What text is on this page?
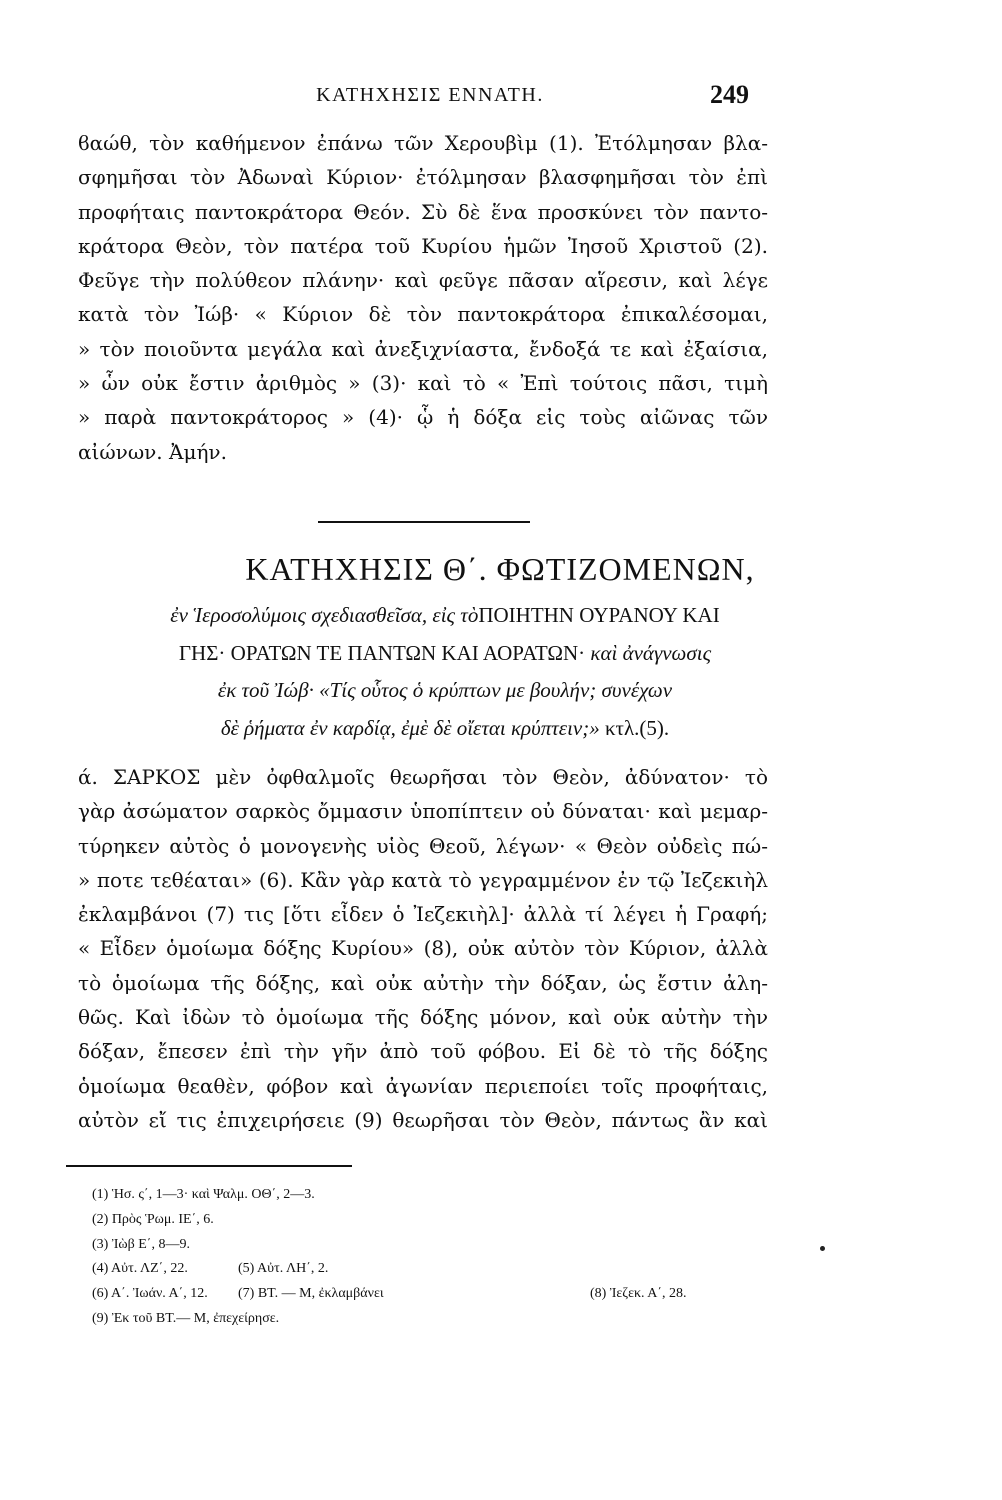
ΚΑΤΗΧΗΣΙΣ ΕΝΝΑΤΗ.	249
ϐαώθ, τὸν καθήμενον ἐπάνω τῶν Χερουβὶμ (1). Ἐτόλμησαν βλα-
σφημῆσαι τὸν Ἀδωναὶ Κύριον· ἐτόλμησαν βλασφημῆσαι τὸν ἐπὶ
προφήταις παντοκράτορα Θεόν. Σὺ δὲ ἕνα προσκύνει τὸν παντο-
κράτορα Θεὸν, τὸν πατέρα τοῦ Κυρίου ἡμῶν Ἰησοῦ Χριστοῦ (2).
Φεῦγε τὴν πολύθεον πλάνην· καὶ φεῦγε πᾶσαν αἵρεσιν, καὶ λέγε
κατὰ τὸν Ἰώβ· « Κύριον δὲ τὸν παντοκράτορα ἐπικαλέσομαι,
» τὸν ποιοῦντα μεγάλα καὶ ἀνεξιχνίαστα, ἔνδοξά τε καὶ ἐξαίσια,
» ὧν οὐκ ἔστιν ἀριθμὸς » (3)· καὶ τὸ « Ἐπὶ τούτοις πᾶσι, τιμὴ
» παρὰ παντοκράτορος » (4)· ᾧ ἡ δόξα εἰς τοὺς αἰῶνας τῶν
αἰώνων. Ἀμήν.
ΚΑΤΗΧΗΣΙΣ Θ΄. ΦΩΤΙΖΟΜΕΝΩΝ,
ἐν Ἱεροσολύμοις σχεδιασθεῖσα, εἰς τὸΠΟΙΗΤΗΝ ΟΥΡΑΝΟΥ ΚΑΙ
ΓΗΣ· ΟΡΑΤΩΝ ΤΕ ΠΑΝΤΩΝ ΚΑΙ ΑΟΡΑΤΩΝ· καὶ ἀνάγνωσις
ἐκ τοῦ Ἰώβ· «Τίς οὗτος ὁ κρύπτων με βουλήν; συνέχων
δὲ ῥήματα ἐν καρδίᾳ, ἐμὲ δὲ οἴεται κρύπτειν;» κτλ.(5).
ά. ΣΑΡΚΟΣ μὲν ὀφθαλμοῖς θεωρῆσαι τὸν Θεὸν, ἀδύνατον· τὸ
γὰρ ἀσώματον σαρκὸς ὄμμασιν ὑποπίπτειν οὐ δύναται· καὶ μεμαρ-
τύρηκεν αὐτὸς ὁ μονογενὴς υἱὸς Θεοῦ, λέγων· « Θεὸν οὐδεὶς πώ-
» ποτε τεθέαται» (6). Κἂν γὰρ κατὰ τὸ γεγραμμένον ἐν τῷ Ἰεζεκιὴλ
ἐκλαμβάνοι (7) τις [ὅτι εἶδεν ὁ Ἰεζεκιὴλ]· ἀλλὰ τί λέγει ἡ Γραφή;
« Εἶδεν ὁμοίωμα δόξης Κυρίου» (8), οὐκ αὐτὸν τὸν Κύριον, ἀλλὰ
τὸ ὁμοίωμα τῆς δόξης, καὶ οὐκ αὐτὴν τὴν δόξαν, ὡς ἔστιν ἀλη-
θῶς. Καὶ ἰδὼν τὸ ὁμοίωμα τῆς δόξης μόνον, καὶ οὐκ αὐτὴν τὴν
δόξαν, ἔπεσεν ἐπὶ τὴν γῆν ἀπὸ τοῦ φόβου. Εἰ δὲ τὸ τῆς δόξης
ὁμοίωμα θεαθὲν, φόβον καὶ ἀγωνίαν περιεποίει τοῖς προφήταις,
αὐτὸν εἴ τις ἐπιχειρήσειε (9) θεωρῆσαι τὸν Θεὸν, πάντως ἂν καὶ
(1) Ἡσ. ς΄, 1—3· καὶ Ψαλμ. ΟΘ΄, 2—3.
(2) Πρὸς Ῥωμ. ΙΕ΄, 6.
(3) Ἰὼβ Ε΄, 8—9.
(4) Αὐτ. ΛΖ΄, 22.	(5) Αὐτ. ΛΗ΄, 2.
(6) Α΄. Ἰωάν. Α΄, 12. (7) ΒΤ. — Μ, ἐκλαμβάνει	(8) Ἰεζεκ. Α΄, 28.
(9) Ἐκ τοῦ ΒΤ.— Μ, ἐπεχείρησε.
